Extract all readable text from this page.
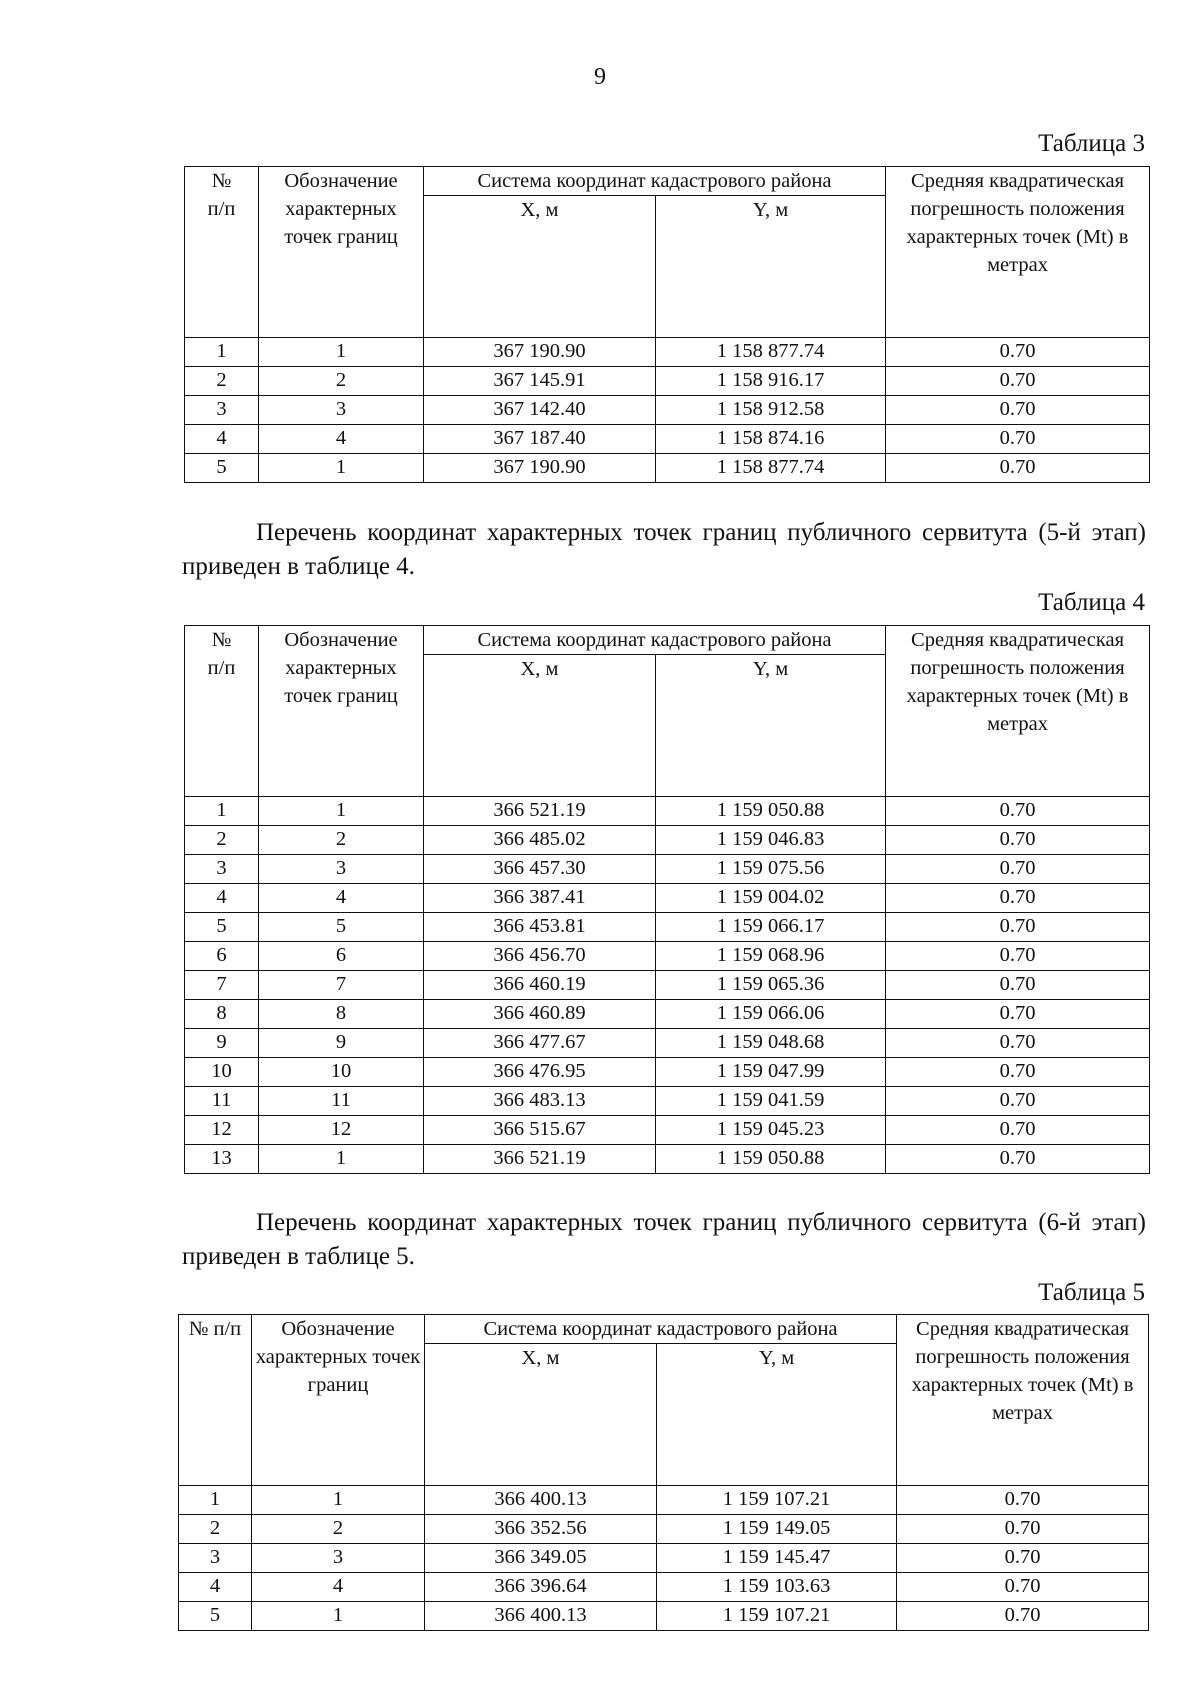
9
Таблица 3
№
п/п	Обозначение характерных точек границ	Система координат кадастрового района		Средняя квадратическая погрешность положения характерных точек (Mt) в метрах
		X, м	Y, м	
1	1	367 190.90	1 158 877.74	0.70
2	2	367 145.91	1 158 916.17	0.70
3	3	367 142.40	1 158 912.58	0.70
4	4	367 187.40	1 158 874.16	0.70
5	1	367 190.90	1 158 877.74	0.70
Перечень координат характерных точек границ публичного сервитута (5-й этап) приведен в таблице 4.
Таблица 4
№
п/п	Обозначение характерных точек границ	Система координат кадастрового района		Средняя квадратическая погрешность положения характерных точек (Mt) в метрах
		X, м	Y, м	
1	1	366 521.19	1 159 050.88	0.70
2	2	366 485.02	1 159 046.83	0.70
3	3	366 457.30	1 159 075.56	0.70
4	4	366 387.41	1 159 004.02	0.70
5	5	366 453.81	1 159 066.17	0.70
6	6	366 456.70	1 159 068.96	0.70
7	7	366 460.19	1 159 065.36	0.70
8	8	366 460.89	1 159 066.06	0.70
9	9	366 477.67	1 159 048.68	0.70
10	10	366 476.95	1 159 047.99	0.70
11	11	366 483.13	1 159 041.59	0.70
12	12	366 515.67	1 159 045.23	0.70
13	1	366 521.19	1 159 050.88	0.70
Перечень координат характерных точек границ публичного сервитута (6-й этап) приведен в таблице 5.
Таблица 5
№ п/п	Обозначение характерных точек границ	Система координат кадастрового района		Средняя квадратическая погрешность положения характерных точек (Mt) в метрах
		X, м	Y, м	
1	1	366 400.13	1 159 107.21	0.70
2	2	366 352.56	1 159 149.05	0.70
3	3	366 349.05	1 159 145.47	0.70
4	4	366 396.64	1 159 103.63	0.70
5	1	366 400.13	1 159 107.21	0.70
